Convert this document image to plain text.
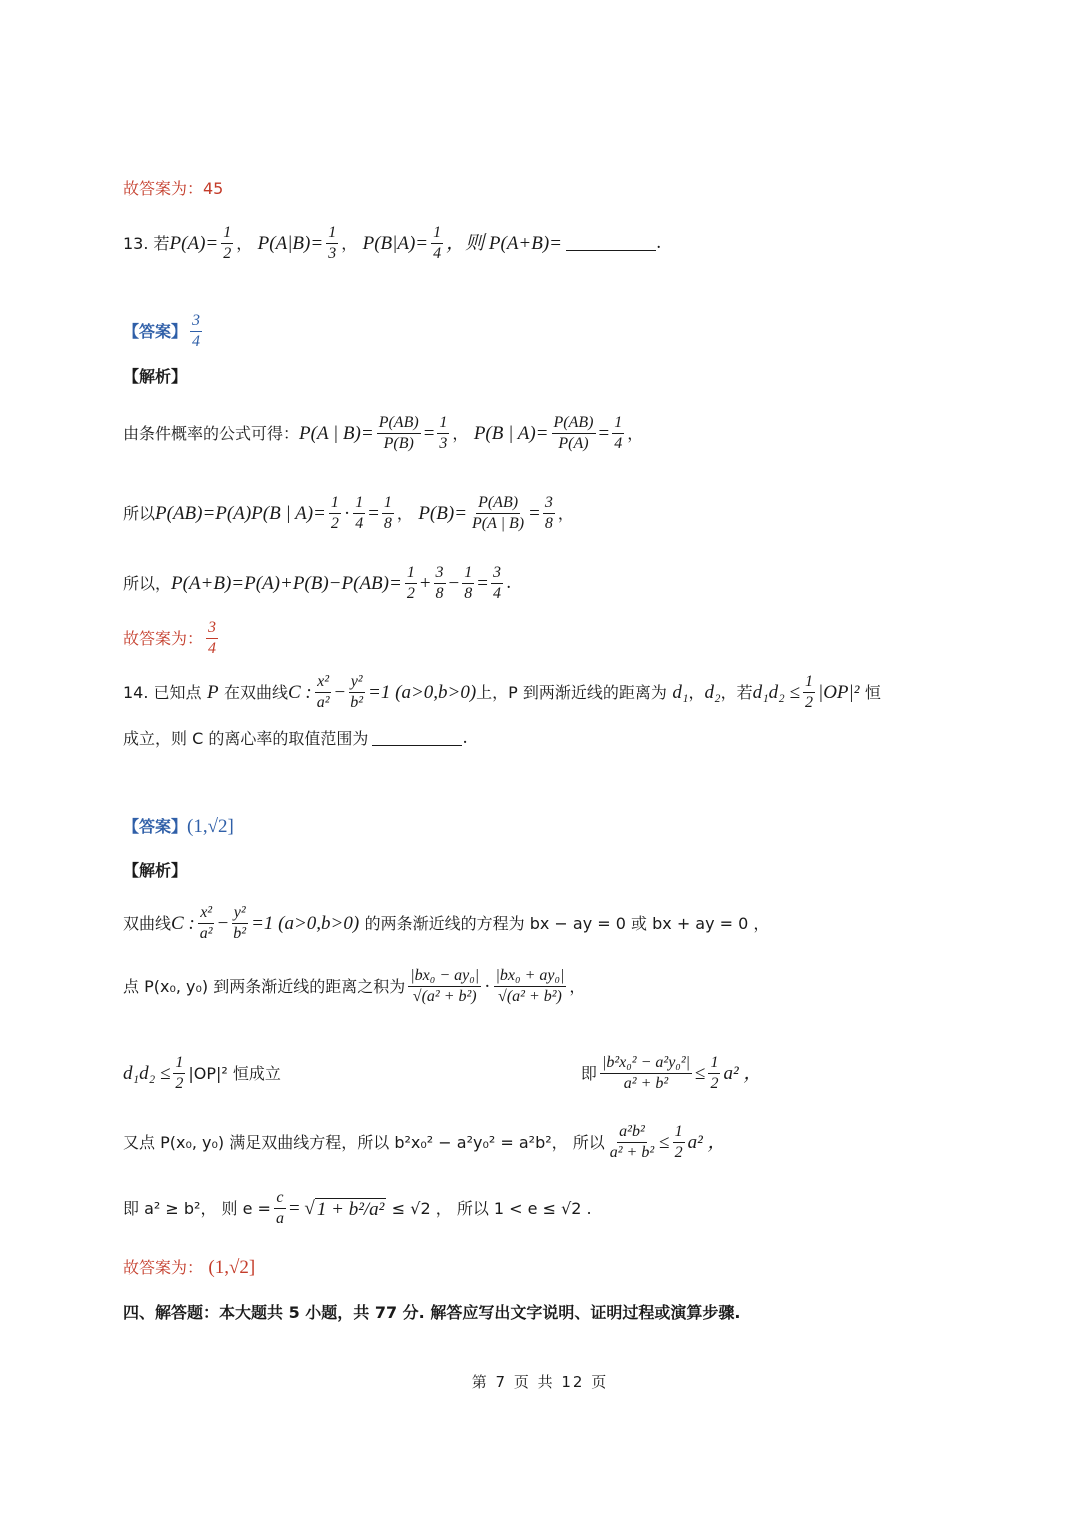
故答案为：45
13. 若 $P(A)= \frac{1}{2}$ ，
$P(A|B)= \frac{1}{3}$ ，
$P(B|A)= \frac{1}{4}$ ，则 P(A+B)=	.
【答案】 $\frac{3}{4}$
【解析】
由条件概率的公式可得： P(A | $B)= \frac{P(AB)}{P(B)} = \frac{1}{3}$ ，
P(B | $A)= \frac{P(AB)}{P(A)} = \frac{1}{4}$ ，
所以 P(AB)=P(A)P(B | $A)= \frac{1}{2} \cdot \frac{1}{4} = \frac{1}{8}$ ，
$P(B)= \frac{P(AB)}{P(A | B)} = \frac{3}{8}$ ，
所以， $P(A+B)=P(A)+P(B)-P(AB)= \frac{1}{2} + \frac{3}{8} - \frac{1}{8} = \frac{3}{4}$ .
故答案为： $\frac{3}{4}$
14. 已知点
P
在双曲线 C : $\frac{\text{x²}}{\text{a²}} - \frac{\text{y²}}{\text{b²}} =1$ (a>0,b>0) 上，P 到两渐近线的距离为
d₁ ， d₂ ，若 $d_1d_2 \le \frac{1}{2} |OP|^2$
恒
成立，则 C 的离心率的取值范围为	.
【答案】 (1,√2]
【解析】
双曲线 C : $\frac{\text{x²}}{\text{a²}} - \frac{\text{y²}}{\text{b²}} =1$ (a>0,b>0)
的两条渐近线的方程为 bx − ay = 0 或 bx + ay = 0 ，
点 P(x₀, y₀) 到两条渐近线的距离之积为 $\frac{\text{|bx₀ − ay₀|}}{\text{√(a² + b²)}} \cdot \frac{\text{|bx₀ + ay₀|}}{\text{√(a² + b²)}}$ ，
$d_1d_2 \le \frac{1}{2} |OP|^2$ 恒成立	即 $\frac{\text{|b²x₀² − a²y₀²|}}{\text{a² + b²}} \le \frac{1}{2} a^2$ ，
又点 P(x₀, y₀) 满足双曲线方程，所以 b²x₀² − a²y₀² = a²b²， 所以 $\frac{\text{a²b²}}{\text{a² + b²}} \le \frac{1}{2} a^2$ ，
即 a² ≥ b²， 则 $e = \frac{c}{a}$ = √ 1 + b²/a²
≤ √2 ， 所以 1 < e ≤ √2 .
故答案为：
(1,√2]
四、解答题：本大题共 5 小题，共 77 分. 解答应写出文字说明、证明过程或演算步骤.
第 7 页 共 12 页
